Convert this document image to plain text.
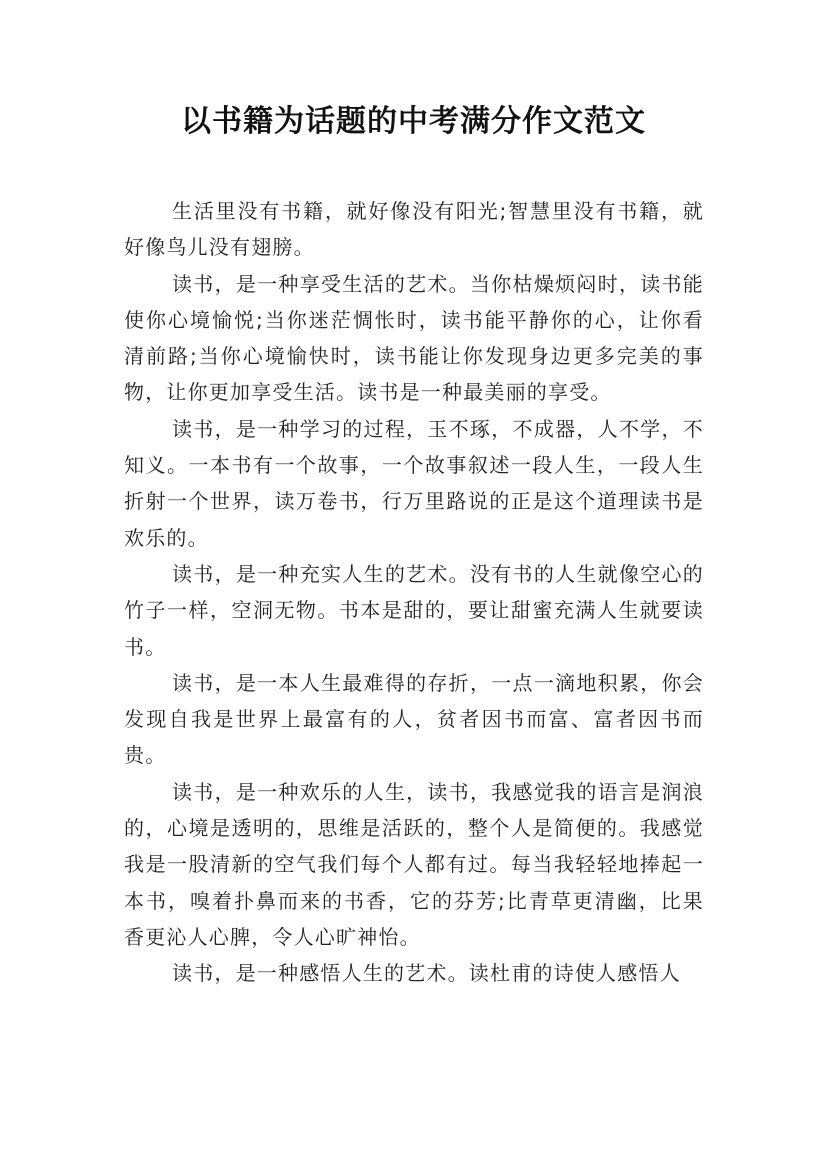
以书籍为话题的中考满分作文范文

生活里没有书籍，就好像没有阳光;智慧里没有书籍，就好像鸟儿没有翅膀。

读书，是一种享受生活的艺术。当你枯燥烦闷时，读书能使你心境愉悦;当你迷茫惆怅时，读书能平静你的心，让你看清前路;当你心境愉快时，读书能让你发现身边更多完美的事物，让你更加享受生活。读书是一种最美丽的享受。

读书，是一种学习的过程，玉不琢，不成器，人不学，不知义。一本书有一个故事，一个故事叙述一段人生，一段人生折射一个世界，读万卷书，行万里路说的正是这个道理读书是欢乐的。

读书，是一种充实人生的艺术。没有书的人生就像空心的竹子一样，空洞无物。书本是甜的，要让甜蜜充满人生就要读书。

读书，是一本人生最难得的存折，一点一滴地积累，你会发现自我是世界上最富有的人，贫者因书而富、富者因书而贵。

读书，是一种欢乐的人生，读书，我感觉我的语言是润浪的，心境是透明的，思维是活跃的，整个人是简便的。我感觉我是一股清新的空气我们每个人都有过。每当我轻轻地捧起一本书，嗅着扑鼻而来的书香，它的芬芳;比青草更清幽，比果香更沁人心脾，令人心旷神怡。

读书，是一种感悟人生的艺术。读杜甫的诗使人感悟人
